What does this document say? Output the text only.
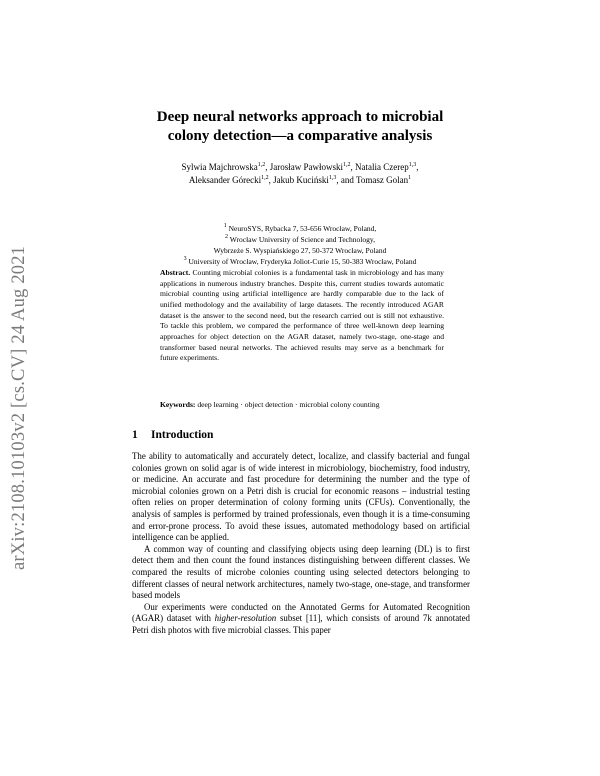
arXiv:2108.10103v2 [cs.CV] 24 Aug 2021
Deep neural networks approach to microbial
colony detection—a comparative analysis
Sylwia Majchrowska$^{1,2}$, Jarosław Pawłowski$^{1,2}$, Natalia Czerep$^{1,3}$,
Aleksander Górecki$^{1,2}$, Jakub Kuciński$^{1,3}$, and Tomasz Golan$^1$
$^1$ NeuroSYS, Rybacka 7, 53-656 Wrocław, Poland,
$^2$ Wrocław University of Science and Technology,
Wybrzeże S. Wyspiańskiego 27, 50-372 Wrocław, Poland
$^3$ University of Wrocław, Fryderyka Joliot-Curie 15, 50-383 Wrocław, Poland
Abstract. Counting microbial colonies is a fundamental task in microbiology and has many applications in numerous industry branches. Despite this, current studies towards automatic microbial counting using artificial intelligence are hardly comparable due to the lack of unified methodology and the availability of large datasets. The recently introduced AGAR dataset is the answer to the second need, but the research carried out is still not exhaustive. To tackle this problem, we compared the performance of three well-known deep learning approaches for object detection on the AGAR dataset, namely two-stage, one-stage and transformer based neural networks. The achieved results may serve as a benchmark for future experiments.
Keywords: deep learning · object detection · microbial colony counting
1 Introduction

The ability to automatically and accurately detect, localize, and classify bacterial and fungal colonies grown on solid agar is of wide interest in microbiology, biochemistry, food industry, or medicine. An accurate and fast procedure for determining the number and the type of microbial colonies grown on a Petri dish is crucial for economic reasons – industrial testing often relies on proper determination of colony forming units (CFUs). Conventionally, the analysis of samples is performed by trained professionals, even though it is a time-consuming and error-prone process. To avoid these issues, automated methodology based on artificial intelligence can be applied.

A common way of counting and classifying objects using deep learning (DL) is to first detect them and then count the found instances distinguishing between different classes. We compared the results of microbe colonies counting using selected detectors belonging to different classes of neural network architectures, namely two-stage, one-stage, and transformer based models

Our experiments were conducted on the Annotated Germs for Automated Recognition (AGAR) dataset with higher-resolution subset [11], which consists of around 7k annotated Petri dish photos with five microbial classes. This paper
